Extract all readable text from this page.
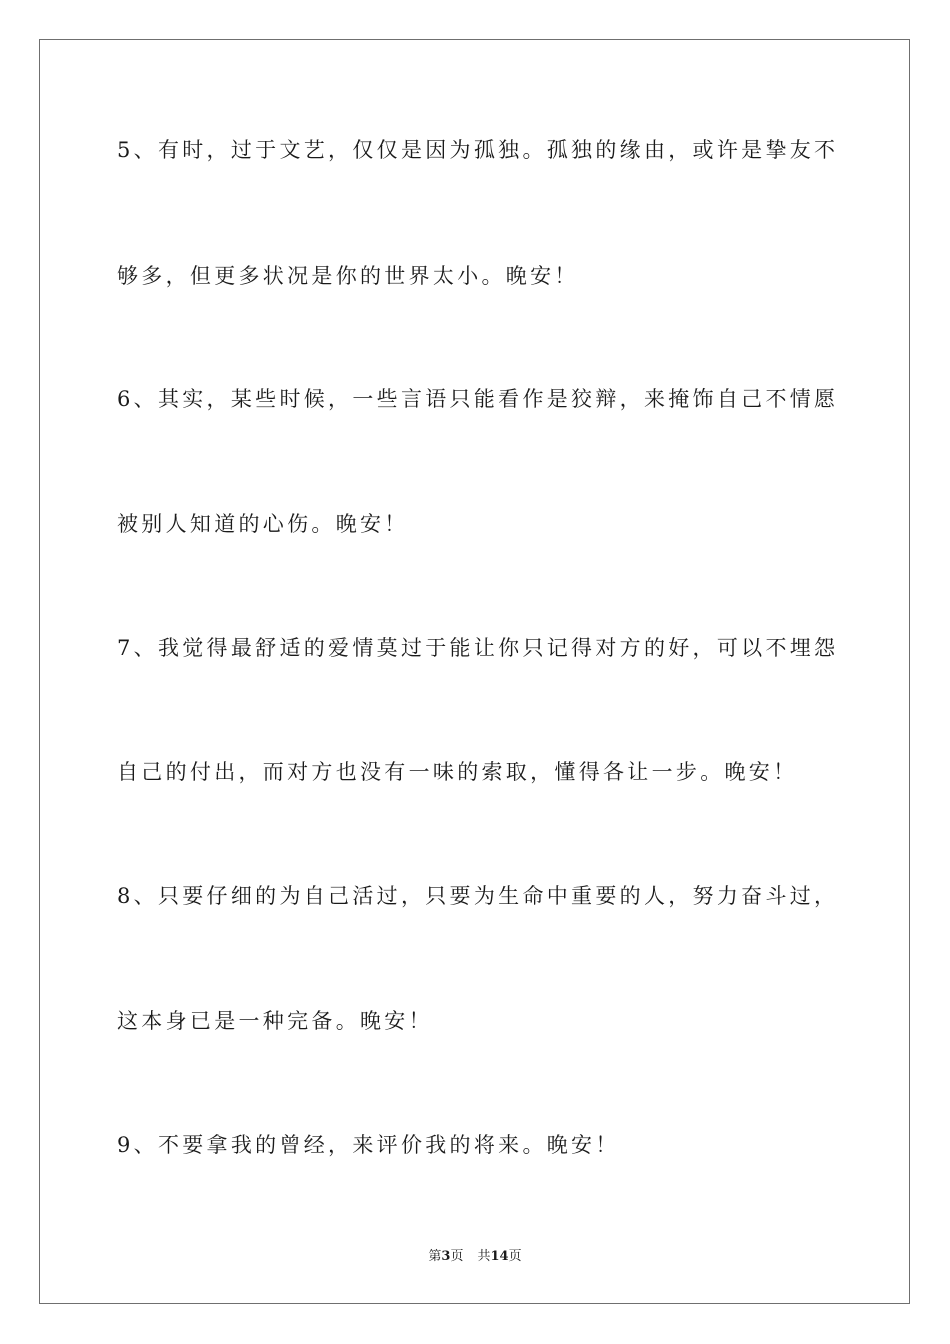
5、有时，过于文艺，仅仅是因为孤独。孤独的缘由，或许是挚友不
够多，但更多状况是你的世界太小。晚安！
6、其实，某些时候，一些言语只能看作是狡辩，来掩饰自己不情愿
被别人知道的心伤。晚安！
7、我觉得最舒适的爱情莫过于能让你只记得对方的好，可以不埋怨
自己的付出，而对方也没有一味的索取，懂得各让一步。晚安！
8、只要仔细的为自己活过，只要为生命中重要的人，努力奋斗过，
这本身已是一种完备。晚安！
9、不要拿我的曾经，来评价我的将来。晚安！
第3页 共14页
